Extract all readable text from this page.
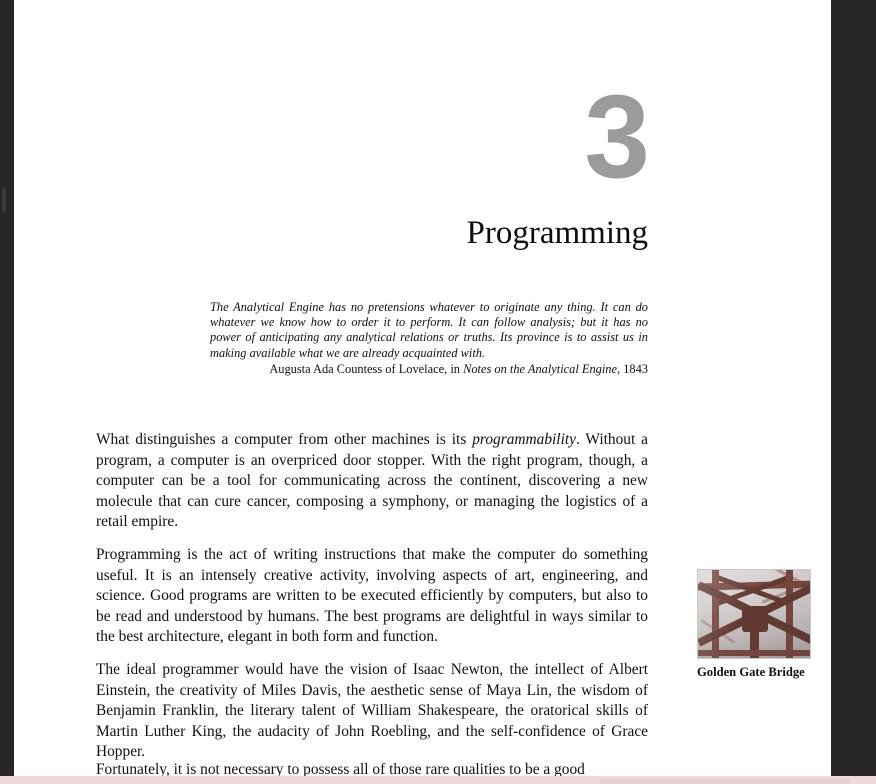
3
Programming

The Analytical Engine has no pretensions whatever to originate any thing. It can do whatever we know how to order it to perform. It can follow analysis; but it has no power of anticipating any analytical relations or truths. Its province is to assist us in making available what we are already acquainted with.

Augusta Ada Countess of Lovelace, in Notes on the Analytical Engine, 1843

What distinguishes a computer from other machines is its programmability. Without a program, a computer is an overpriced door stopper. With the right program, though, a computer can be a tool for communicating across the continent, discovering a new molecule that can cure cancer, composing a symphony, or managing the logistics of a retail empire.

Programming is the act of writing instructions that make the computer do something useful. It is an intensely creative activity, involving aspects of art, engineering, and science. Good programs are written to be executed efficiently by computers, but also to be read and understood by humans. The best programs are delightful in ways similar to the best architecture, elegant in both form and function.

The ideal programmer would have the vision of Isaac Newton, the intellect of Albert Einstein, the creativity of Miles Davis, the aesthetic sense of Maya Lin, the wisdom of Benjamin Franklin, the literary talent of William Shakespeare, the oratorical skills of Martin Luther King, the audacity of John Roebling, and the self-confidence of Grace Hopper.

Golden Gate Bridge

Fortunately, it is not necessary to possess all of those rare qualities to be a good
